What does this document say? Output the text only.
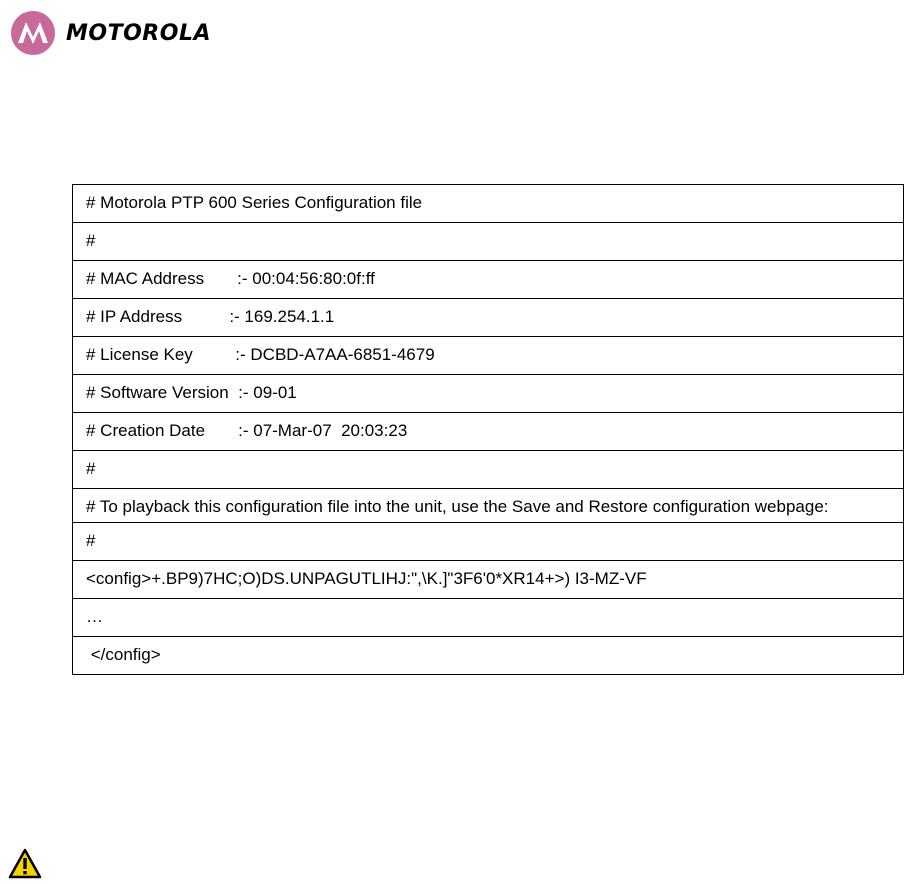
MOTOROLA
# Motorola PTP 600 Series Configuration file
#
# MAC Address       :- 00:04:56:80:0f:ff
# IP Address          :- 169.254.1.1
# License Key         :- DCBD-A7AA-6851-4679
# Software Version  :- 09-01
# Creation Date       :- 07-Mar-07  20:03:23
#
# To playback this configuration file into the unit, use the Save and Restore configuration webpage:
#
<config>+.BP9)7HC;O)DS.UNPAGUTLIHJ:",\K.]"3F6'0*XR14+>) I3-MZ-VF
…
</config>
